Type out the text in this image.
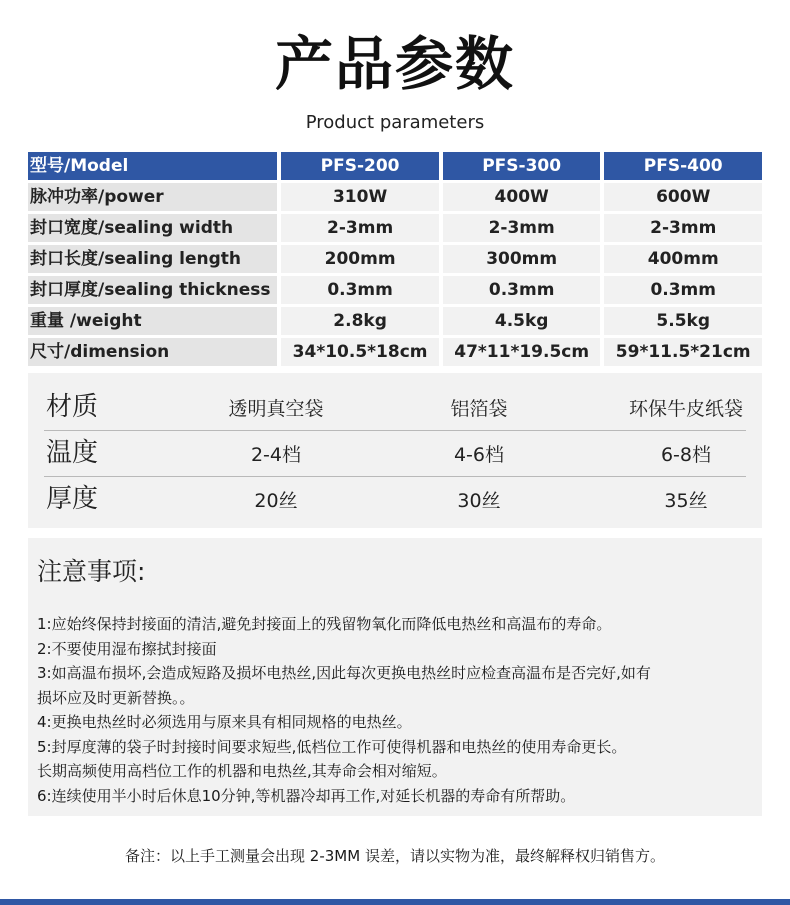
产品参数
Product parameters
型号/Model	PFS-200	PFS-300	PFS-400
脉冲功率/power	310W	400W	600W
封口宽度/sealing width	2-3mm	2-3mm	2-3mm
封口长度/sealing length	200mm	300mm	400mm
封口厚度/sealing thickness	0.3mm	0.3mm	0.3mm
重量 /weight	2.8kg	4.5kg	5.5kg
尺寸/dimension	34*10.5*18cm	47*11*19.5cm	59*11.5*21cm
材质	透明真空袋	铝箔袋	环保牛皮纸袋
温度	2-4档	4-6档	6-8档
厚度	20丝	30丝	35丝
注意事项:
1:应始终保持封接面的清洁,避免封接面上的残留物氧化而降低电热丝和高温布的寿命。
2:不要使用湿布擦拭封接面
3:如高温布损坏,会造成短路及损坏电热丝,因此每次更换电热丝时应检查高温布是否完好,如有
损坏应及时更新替换。。
4:更换电热丝时必须选用与原来具有相同规格的电热丝。
5:封厚度薄的袋子时封接时间要求短些,低档位工作可使得机器和电热丝的使用寿命更长。
长期高频使用高档位工作的机器和电热丝,其寿命会相对缩短。
6:连续使用半小时后休息10分钟,等机器冷却再工作,对延长机器的寿命有所帮助。
备注：以上手工测量会出现 2-3MM 误差，请以实物为准，最终解释权归销售方。
